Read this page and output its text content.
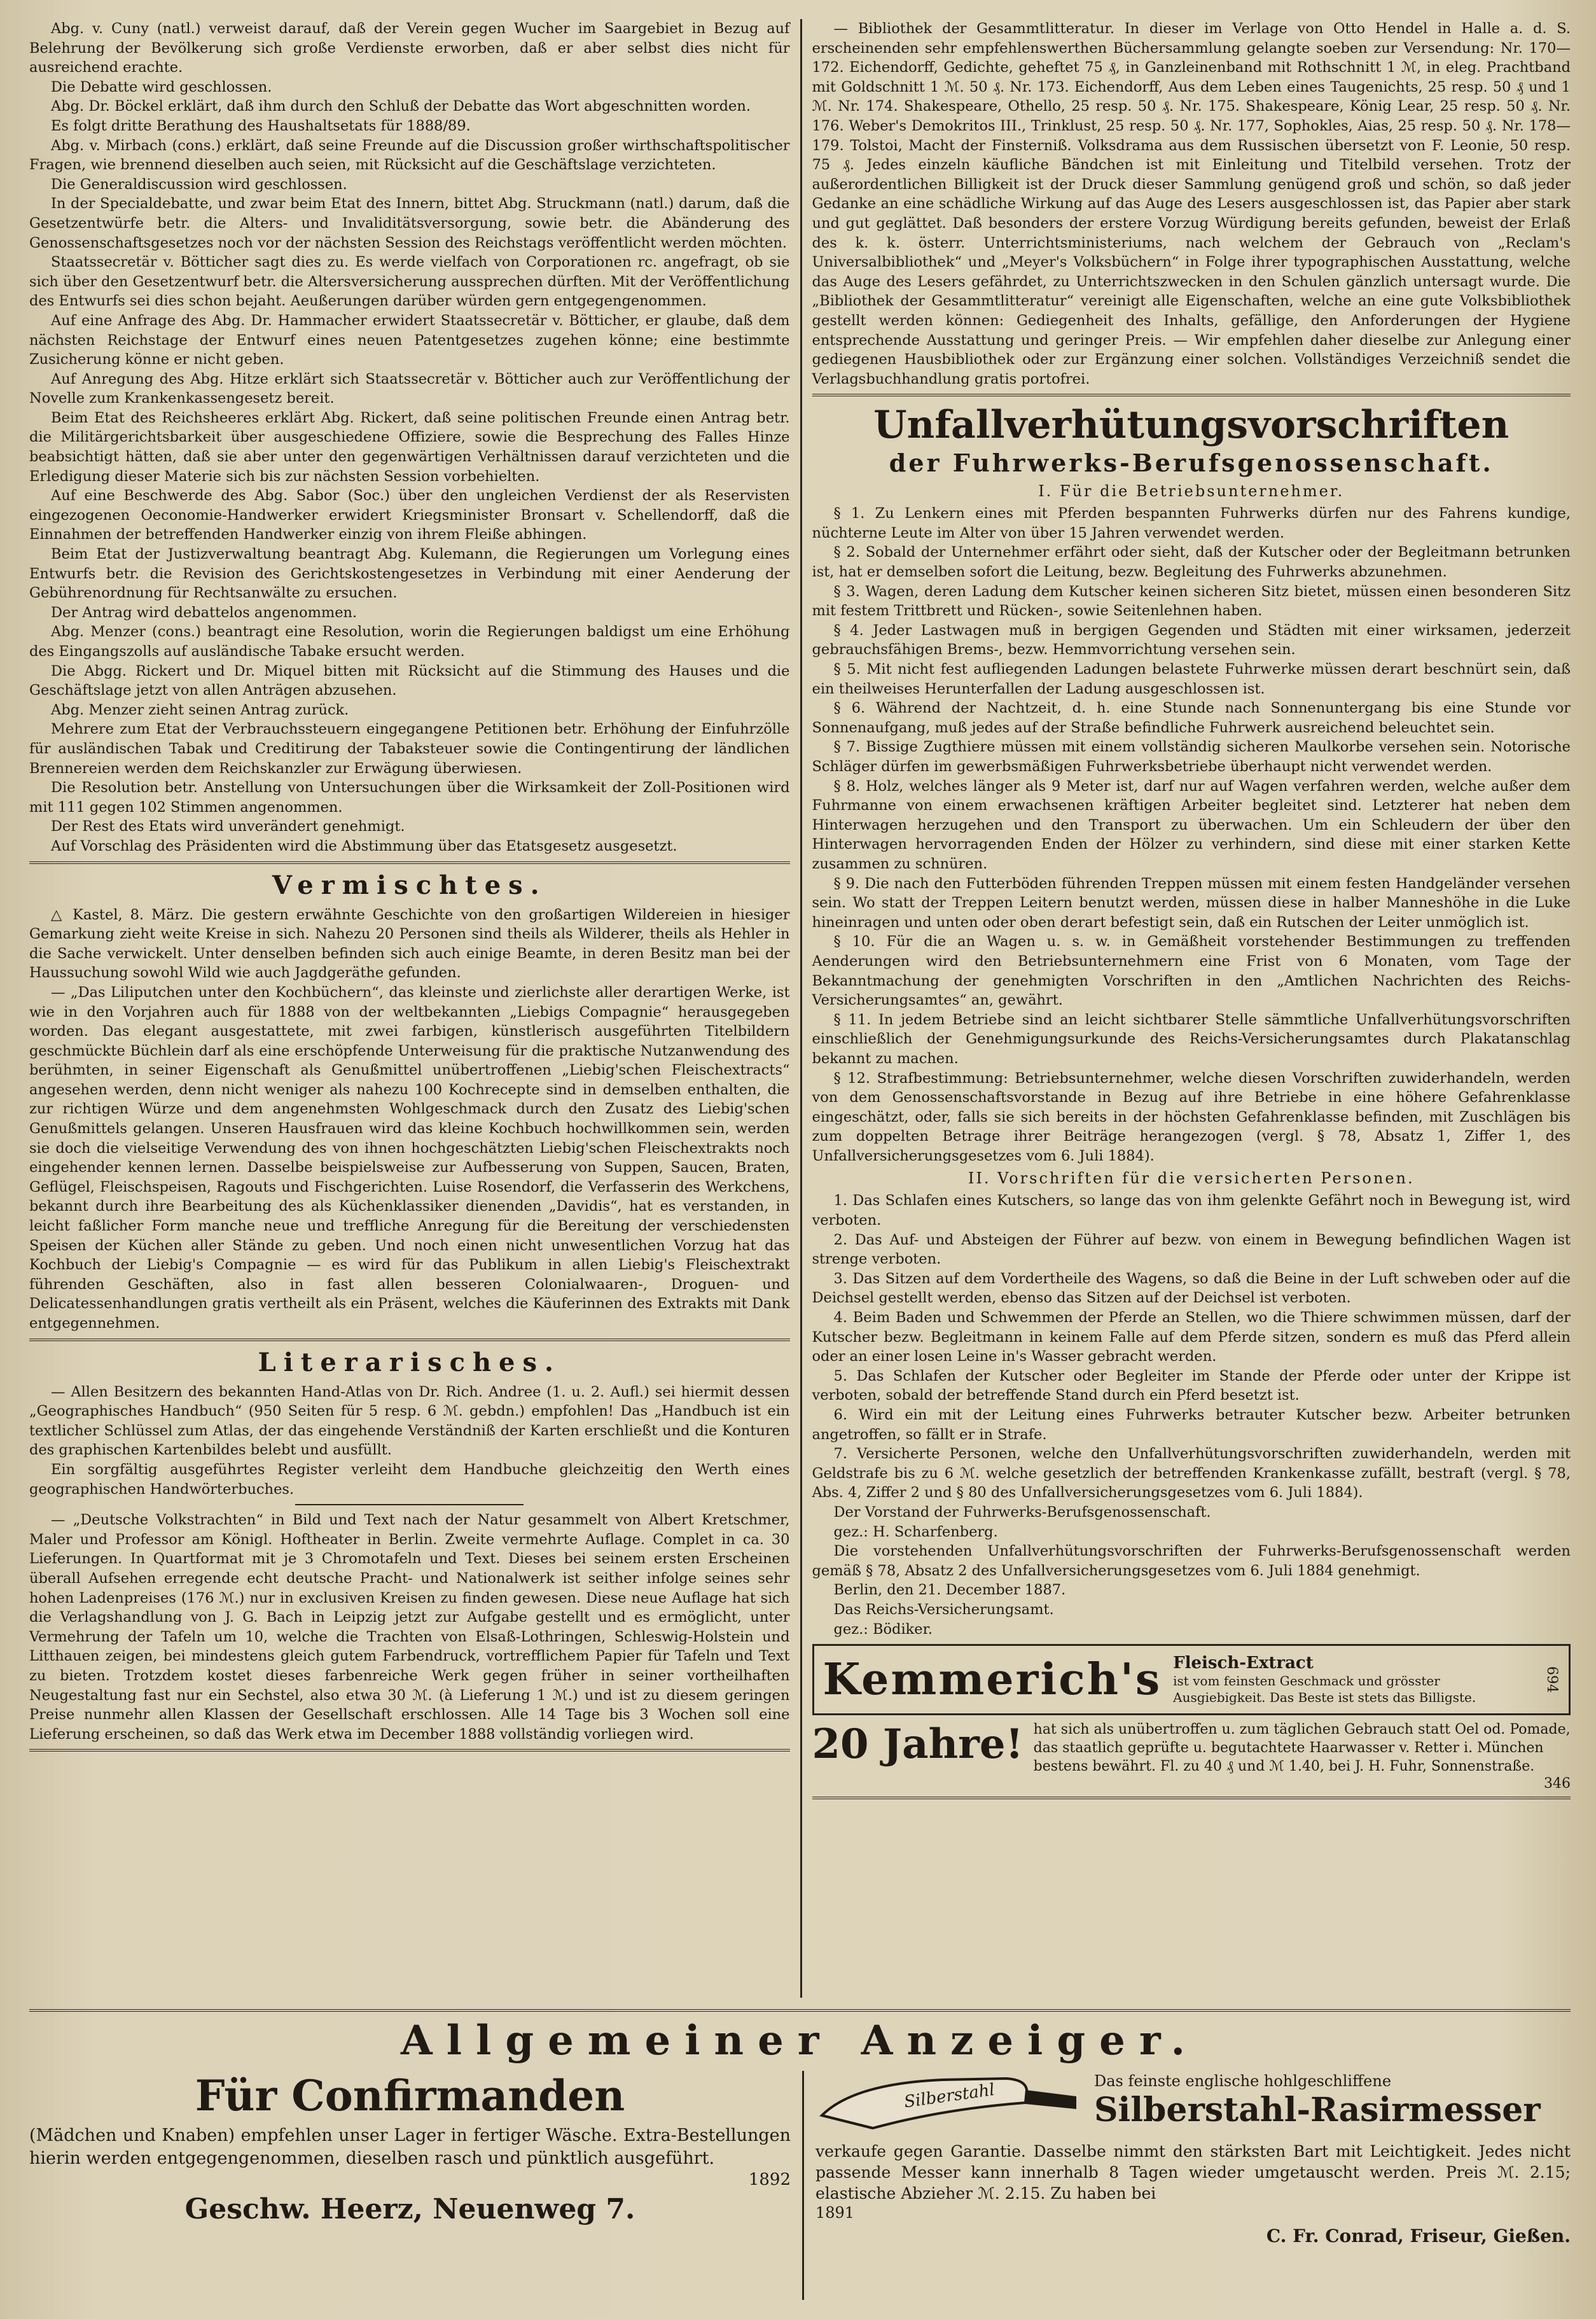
Abg. v. Cuny (natl.) verweist darauf, daß der Verein gegen Wucher im Saargebiet in Bezug auf Belehrung der Bevölkerung sich große Verdienste erworben, daß er aber selbst dies nicht für ausreichend erachte.

Die Debatte wird geschlossen.

Abg. Dr. Böckel erklärt, daß ihm durch den Schluß der Debatte das Wort abgeschnitten worden.

Es folgt dritte Berathung des Haushaltsetats für 1888/89.

Abg. v. Mirbach (cons.) erklärt, daß seine Freunde auf die Discussion großer wirthschaftspolitischer Fragen, wie brennend dieselben auch seien, mit Rücksicht auf die Geschäftslage verzichteten.

Die Generaldiscussion wird geschlossen.

In der Specialdebatte, und zwar beim Etat des Innern, bittet Abg. Struckmann (natl.) darum, daß die Gesetzentwürfe betr. die Alters- und Invaliditätsversorgung, sowie betr. die Abänderung des Genossenschaftsgesetzes noch vor der nächsten Session des Reichstags veröffentlicht werden möchten.

Staatssecretär v. Bötticher sagt dies zu. Es werde vielfach von Corporationen rc. angefragt, ob sie sich über den Gesetzentwurf betr. die Altersversicherung aussprechen dürften. Mit der Veröffentlichung des Entwurfs sei dies schon bejaht. Aeußerungen darüber würden gern entgegengenommen.

Auf eine Anfrage des Abg. Dr. Hammacher erwidert Staatssecretär v. Bötticher, er glaube, daß dem nächsten Reichstage der Entwurf eines neuen Patentgesetzes zugehen könne; eine bestimmte Zusicherung könne er nicht geben.

Auf Anregung des Abg. Hitze erklärt sich Staatssecretär v. Bötticher auch zur Veröffentlichung der Novelle zum Krankenkassengesetz bereit.

Beim Etat des Reichsheeres erklärt Abg. Rickert, daß seine politischen Freunde einen Antrag betr. die Militärgerichtsbarkeit über ausgeschiedene Offiziere, sowie die Besprechung des Falles Hinze beabsichtigt hätten, daß sie aber unter den gegenwärtigen Verhältnissen darauf verzichteten und die Erledigung dieser Materie sich bis zur nächsten Session vorbehielten.

Auf eine Beschwerde des Abg. Sabor (Soc.) über den ungleichen Verdienst der als Reservisten eingezogenen Oeconomie-Handwerker erwidert Kriegsminister Bronsart v. Schellendorff, daß die Einnahmen der betreffenden Handwerker einzig von ihrem Fleiße abhingen.

Beim Etat der Justizverwaltung beantragt Abg. Kulemann, die Regierungen um Vorlegung eines Entwurfs betr. die Revision des Gerichtskostengesetzes in Verbindung mit einer Aenderung der Gebührenordnung für Rechtsanwälte zu ersuchen.

Der Antrag wird debattelos angenommen.

Abg. Menzer (cons.) beantragt eine Resolution, worin die Regierungen baldigst um eine Erhöhung des Eingangszolls auf ausländische Tabake ersucht werden.

Die Abgg. Rickert und Dr. Miquel bitten mit Rücksicht auf die Stimmung des Hauses und die Geschäftslage jetzt von allen Anträgen abzusehen.

Abg. Menzer zieht seinen Antrag zurück.

Mehrere zum Etat der Verbrauchssteuern eingegangene Petitionen betr. Erhöhung der Einfuhrzölle für ausländischen Tabak und Creditirung der Tabaksteuer sowie die Contingentirung der ländlichen Brennereien werden dem Reichskanzler zur Erwägung überwiesen.

Die Resolution betr. Anstellung von Untersuchungen über die Wirksamkeit der Zoll-Positionen wird mit 111 gegen 102 Stimmen angenommen.

Der Rest des Etats wird unverändert genehmigt.

Auf Vorschlag des Präsidenten wird die Abstimmung über das Etatsgesetz ausgesetzt.

Vermischtes.

△ Kastel, 8. März. Die gestern erwähnte Geschichte von den großartigen Wildereien in hiesiger Gemarkung zieht weite Kreise in sich. Nahezu 20 Personen sind theils als Wilderer, theils als Hehler in die Sache verwickelt. Unter denselben befinden sich auch einige Beamte, in deren Besitz man bei der Haussuchung sowohl Wild wie auch Jagdgeräthe gefunden.

— „Das Liliputchen unter den Kochbüchern“, das kleinste und zierlichste aller derartigen Werke, ist wie in den Vorjahren auch für 1888 von der weltbekannten „Liebigs Compagnie“ herausgegeben worden. Das elegant ausgestattete, mit zwei farbigen, künstlerisch ausgeführten Titelbildern geschmückte Büchlein darf als eine erschöpfende Unterweisung für die praktische Nutzanwendung des berühmten, in seiner Eigenschaft als Genußmittel unübertroffenen „Liebig'schen Fleischextracts“ angesehen werden, denn nicht weniger als nahezu 100 Kochrecepte sind in demselben enthalten, die zur richtigen Würze und dem angenehmsten Wohlgeschmack durch den Zusatz des Liebig'schen Genußmittels gelangen. Unseren Hausfrauen wird das kleine Kochbuch hochwillkommen sein, werden sie doch die vielseitige Verwendung des von ihnen hochgeschätzten Liebig'schen Fleischextrakts noch eingehender kennen lernen. Dasselbe beispielsweise zur Aufbesserung von Suppen, Saucen, Braten, Geflügel, Fleischspeisen, Ragouts und Fischgerichten. Luise Rosendorf, die Verfasserin des Werkchens, bekannt durch ihre Bearbeitung des als Küchenklassiker dienenden „Davidis“, hat es verstanden, in leicht faßlicher Form manche neue und treffliche Anregung für die Bereitung der verschiedensten Speisen der Küchen aller Stände zu geben. Und noch einen nicht unwesentlichen Vorzug hat das Kochbuch der Liebig's Compagnie — es wird für das Publikum in allen Liebig's Fleischextrakt führenden Geschäften, also in fast allen besseren Colonialwaaren-, Droguen- und Delicatessenhandlungen gratis vertheilt als ein Präsent, welches die Käuferinnen des Extrakts mit Dank entgegennehmen.

Literarisches.

— Allen Besitzern des bekannten Hand-Atlas von Dr. Rich. Andree (1. u. 2. Aufl.) sei hiermit dessen „Geographisches Handbuch“ (950 Seiten für 5 resp. 6 ℳ. gebdn.) empfohlen! Das „Handbuch ist ein textlicher Schlüssel zum Atlas, der das eingehende Verständniß der Karten erschließt und die Konturen des graphischen Kartenbildes belebt und ausfüllt.

Ein sorgfältig ausgeführtes Register verleiht dem Handbuche gleichzeitig den Werth eines geographischen Handwörterbuches.

— „Deutsche Volkstrachten“ in Bild und Text nach der Natur gesammelt von Albert Kretschmer, Maler und Professor am Königl. Hoftheater in Berlin. Zweite vermehrte Auflage. Complet in ca. 30 Lieferungen. In Quartformat mit je 3 Chromotafeln und Text. Dieses bei seinem ersten Erscheinen überall Aufsehen erregende echt deutsche Pracht- und Nationalwerk ist seither infolge seines sehr hohen Ladenpreises (176 ℳ.) nur in exclusiven Kreisen zu finden gewesen. Diese neue Auflage hat sich die Verlagshandlung von J. G. Bach in Leipzig jetzt zur Aufgabe gestellt und es ermöglicht, unter Vermehrung der Tafeln um 10, welche die Trachten von Elsaß-Lothringen, Schleswig-Holstein und Litthauen zeigen, bei mindestens gleich gutem Farbendruck, vortrefflichem Papier für Tafeln und Text zu bieten. Trotzdem kostet dieses farbenreiche Werk gegen früher in seiner vortheilhaften Neugestaltung fast nur ein Sechstel, also etwa 30 ℳ. (à Lieferung 1 ℳ.) und ist zu diesem geringen Preise nunmehr allen Klassen der Gesellschaft erschlossen. Alle 14 Tage bis 3 Wochen soll eine Lieferung erscheinen, so daß das Werk etwa im December 1888 vollständig vorliegen wird.

— Bibliothek der Gesammtlitteratur. In dieser im Verlage von Otto Hendel in Halle a. d. S. erscheinenden sehr empfehlenswerthen Büchersammlung gelangte soeben zur Versendung: Nr. 170—172. Eichendorff, Gedichte, geheftet 75 ₰, in Ganzleinenband mit Rothschnitt 1 ℳ, in eleg. Prachtband mit Goldschnitt 1 ℳ. 50 ₰. Nr. 173. Eichendorff, Aus dem Leben eines Taugenichts, 25 resp. 50 ₰ und 1 ℳ. Nr. 174. Shakespeare, Othello, 25 resp. 50 ₰. Nr. 175. Shakespeare, König Lear, 25 resp. 50 ₰. Nr. 176. Weber's Demokritos III., Trinklust, 25 resp. 50 ₰. Nr. 177, Sophokles, Aias, 25 resp. 50 ₰. Nr. 178—179. Tolstoi, Macht der Finsterniß. Volksdrama aus dem Russischen übersetzt von F. Leonie, 50 resp. 75 ₰. Jedes einzeln käufliche Bändchen ist mit Einleitung und Titelbild versehen. Trotz der außerordentlichen Billigkeit ist der Druck dieser Sammlung genügend groß und schön, so daß jeder Gedanke an eine schädliche Wirkung auf das Auge des Lesers ausgeschlossen ist, das Papier aber stark und gut geglättet. Daß besonders der erstere Vorzug Würdigung bereits gefunden, beweist der Erlaß des k. k. österr. Unterrichtsministeriums, nach welchem der Gebrauch von „Reclam's Universalbibliothek“ und „Meyer's Volksbüchern“ in Folge ihrer typographischen Ausstattung, welche das Auge des Lesers gefährdet, zu Unterrichtszwecken in den Schulen gänzlich untersagt wurde. Die „Bibliothek der Gesammtlitteratur“ vereinigt alle Eigenschaften, welche an eine gute Volksbibliothek gestellt werden können: Gediegenheit des Inhalts, gefällige, den Anforderungen der Hygiene entsprechende Ausstattung und geringer Preis. — Wir empfehlen daher dieselbe zur Anlegung einer gediegenen Hausbibliothek oder zur Ergänzung einer solchen. Vollständiges Verzeichniß sendet die Verlagsbuchhandlung gratis portofrei.

Unfallverhütungsvorschriften
der Fuhrwerks-Berufsgenossenschaft.
I. Für die Betriebsunternehmer.

§ 1. Zu Lenkern eines mit Pferden bespannten Fuhrwerks dürfen nur des Fahrens kundige, nüchterne Leute im Alter von über 15 Jahren verwendet werden.

§ 2. Sobald der Unternehmer erfährt oder sieht, daß der Kutscher oder der Begleitmann betrunken ist, hat er demselben sofort die Leitung, bezw. Begleitung des Fuhrwerks abzunehmen.

§ 3. Wagen, deren Ladung dem Kutscher keinen sicheren Sitz bietet, müssen einen besonderen Sitz mit festem Trittbrett und Rücken-, sowie Seitenlehnen haben.

§ 4. Jeder Lastwagen muß in bergigen Gegenden und Städten mit einer wirksamen, jederzeit gebrauchsfähigen Brems-, bezw. Hemmvorrichtung versehen sein.

§ 5. Mit nicht fest aufliegenden Ladungen belastete Fuhrwerke müssen derart beschnürt sein, daß ein theilweises Herunterfallen der Ladung ausgeschlossen ist.

§ 6. Während der Nachtzeit, d. h. eine Stunde nach Sonnenuntergang bis eine Stunde vor Sonnenaufgang, muß jedes auf der Straße befindliche Fuhrwerk ausreichend beleuchtet sein.

§ 7. Bissige Zugthiere müssen mit einem vollständig sicheren Maulkorbe versehen sein. Notorische Schläger dürfen im gewerbsmäßigen Fuhrwerksbetriebe überhaupt nicht verwendet werden.

§ 8. Holz, welches länger als 9 Meter ist, darf nur auf Wagen verfahren werden, welche außer dem Fuhrmanne von einem erwachsenen kräftigen Arbeiter begleitet sind. Letzterer hat neben dem Hinterwagen herzugehen und den Transport zu überwachen. Um ein Schleudern der über den Hinterwagen hervorragenden Enden der Hölzer zu verhindern, sind diese mit einer starken Kette zusammen zu schnüren.

§ 9. Die nach den Futterböden führenden Treppen müssen mit einem festen Handgeländer versehen sein. Wo statt der Treppen Leitern benutzt werden, müssen diese in halber Manneshöhe in die Luke hineinragen und unten oder oben derart befestigt sein, daß ein Rutschen der Leiter unmöglich ist.

§ 10. Für die an Wagen u. s. w. in Gemäßheit vorstehender Bestimmungen zu treffenden Aenderungen wird den Betriebsunternehmern eine Frist von 6 Monaten, vom Tage der Bekanntmachung der genehmigten Vorschriften in den „Amtlichen Nachrichten des Reichs-Versicherungsamtes“ an, gewährt.

§ 11. In jedem Betriebe sind an leicht sichtbarer Stelle sämmtliche Unfallverhütungsvorschriften einschließlich der Genehmigungsurkunde des Reichs-Versicherungsamtes durch Plakatanschlag bekannt zu machen.

§ 12. Strafbestimmung: Betriebsunternehmer, welche diesen Vorschriften zuwiderhandeln, werden von dem Genossenschaftsvorstande in Bezug auf ihre Betriebe in eine höhere Gefahrenklasse eingeschätzt, oder, falls sie sich bereits in der höchsten Gefahrenklasse befinden, mit Zuschlägen bis zum doppelten Betrage ihrer Beiträge herangezogen (vergl. § 78, Absatz 1, Ziffer 1, des Unfallversicherungsgesetzes vom 6. Juli 1884).

II. Vorschriften für die versicherten Personen.

1. Das Schlafen eines Kutschers, so lange das von ihm gelenkte Gefährt noch in Bewegung ist, wird verboten.

2. Das Auf- und Absteigen der Führer auf bezw. von einem in Bewegung befindlichen Wagen ist strenge verboten.

3. Das Sitzen auf dem Vordertheile des Wagens, so daß die Beine in der Luft schweben oder auf die Deichsel gestellt werden, ebenso das Sitzen auf der Deichsel ist verboten.

4. Beim Baden und Schwemmen der Pferde an Stellen, wo die Thiere schwimmen müssen, darf der Kutscher bezw. Begleitmann in keinem Falle auf dem Pferde sitzen, sondern es muß das Pferd allein oder an einer losen Leine in's Wasser gebracht werden.

5. Das Schlafen der Kutscher oder Begleiter im Stande der Pferde oder unter der Krippe ist verboten, sobald der betreffende Stand durch ein Pferd besetzt ist.

6. Wird ein mit der Leitung eines Fuhrwerks betrauter Kutscher bezw. Arbeiter betrunken angetroffen, so fällt er in Strafe.

7. Versicherte Personen, welche den Unfallverhütungsvorschriften zuwiderhandeln, werden mit Geldstrafe bis zu 6 ℳ. welche gesetzlich der betreffenden Krankenkasse zufällt, bestraft (vergl. § 78, Abs. 4, Ziffer 2 und § 80 des Unfallversicherungsgesetzes vom 6. Juli 1884).

Der Vorstand der Fuhrwerks-Berufsgenossenschaft.

gez.: H. Scharfenberg.

Die vorstehenden Unfallverhütungsvorschriften der Fuhrwerks-Berufsgenossenschaft werden gemäß § 78, Absatz 2 des Unfallversicherungsgesetzes vom 6. Juli 1884 genehmigt.

Berlin, den 21. December 1887.

Das Reichs-Versicherungsamt.

gez.: Bödiker.

Kemmerich's Fleisch-Extract
ist vom feinsten Geschmack und grösster Ausgiebigkeit. Das Beste ist stets das Billigste.
694
20 Jahre! hat sich als unübertroffen u. zum täglichen Gebrauch statt Oel od. Pomade, das staatlich geprüfte u. begutachtete Haarwasser v. Retter i. München bestens bewährt. Fl. zu 40 ₰ und ℳ 1.40, bei J. H. Fuhr, Sonnenstraße.
346
Allgemeiner Anzeiger.
Für Confirmanden
(Mädchen und Knaben) empfehlen unser Lager in fertiger Wäsche. Extra-Bestellungen hierin werden entgegengenommen, dieselben rasch und pünktlich ausgeführt.
1892
Geschw. Heerz, Neuenweg 7.
Silberstahl	Das feinste englische hohlgeschliffene
Silberstahl-Rasirmesser
verkaufe gegen Garantie. Dasselbe nimmt den stärksten Bart mit Leichtigkeit. Jedes nicht passende Messer kann innerhalb 8 Tagen wieder umgetauscht werden. Preis ℳ. 2.15; elastische Abzieher ℳ. 2.15. Zu haben bei
1891
C. Fr. Conrad, Friseur, Gießen.
